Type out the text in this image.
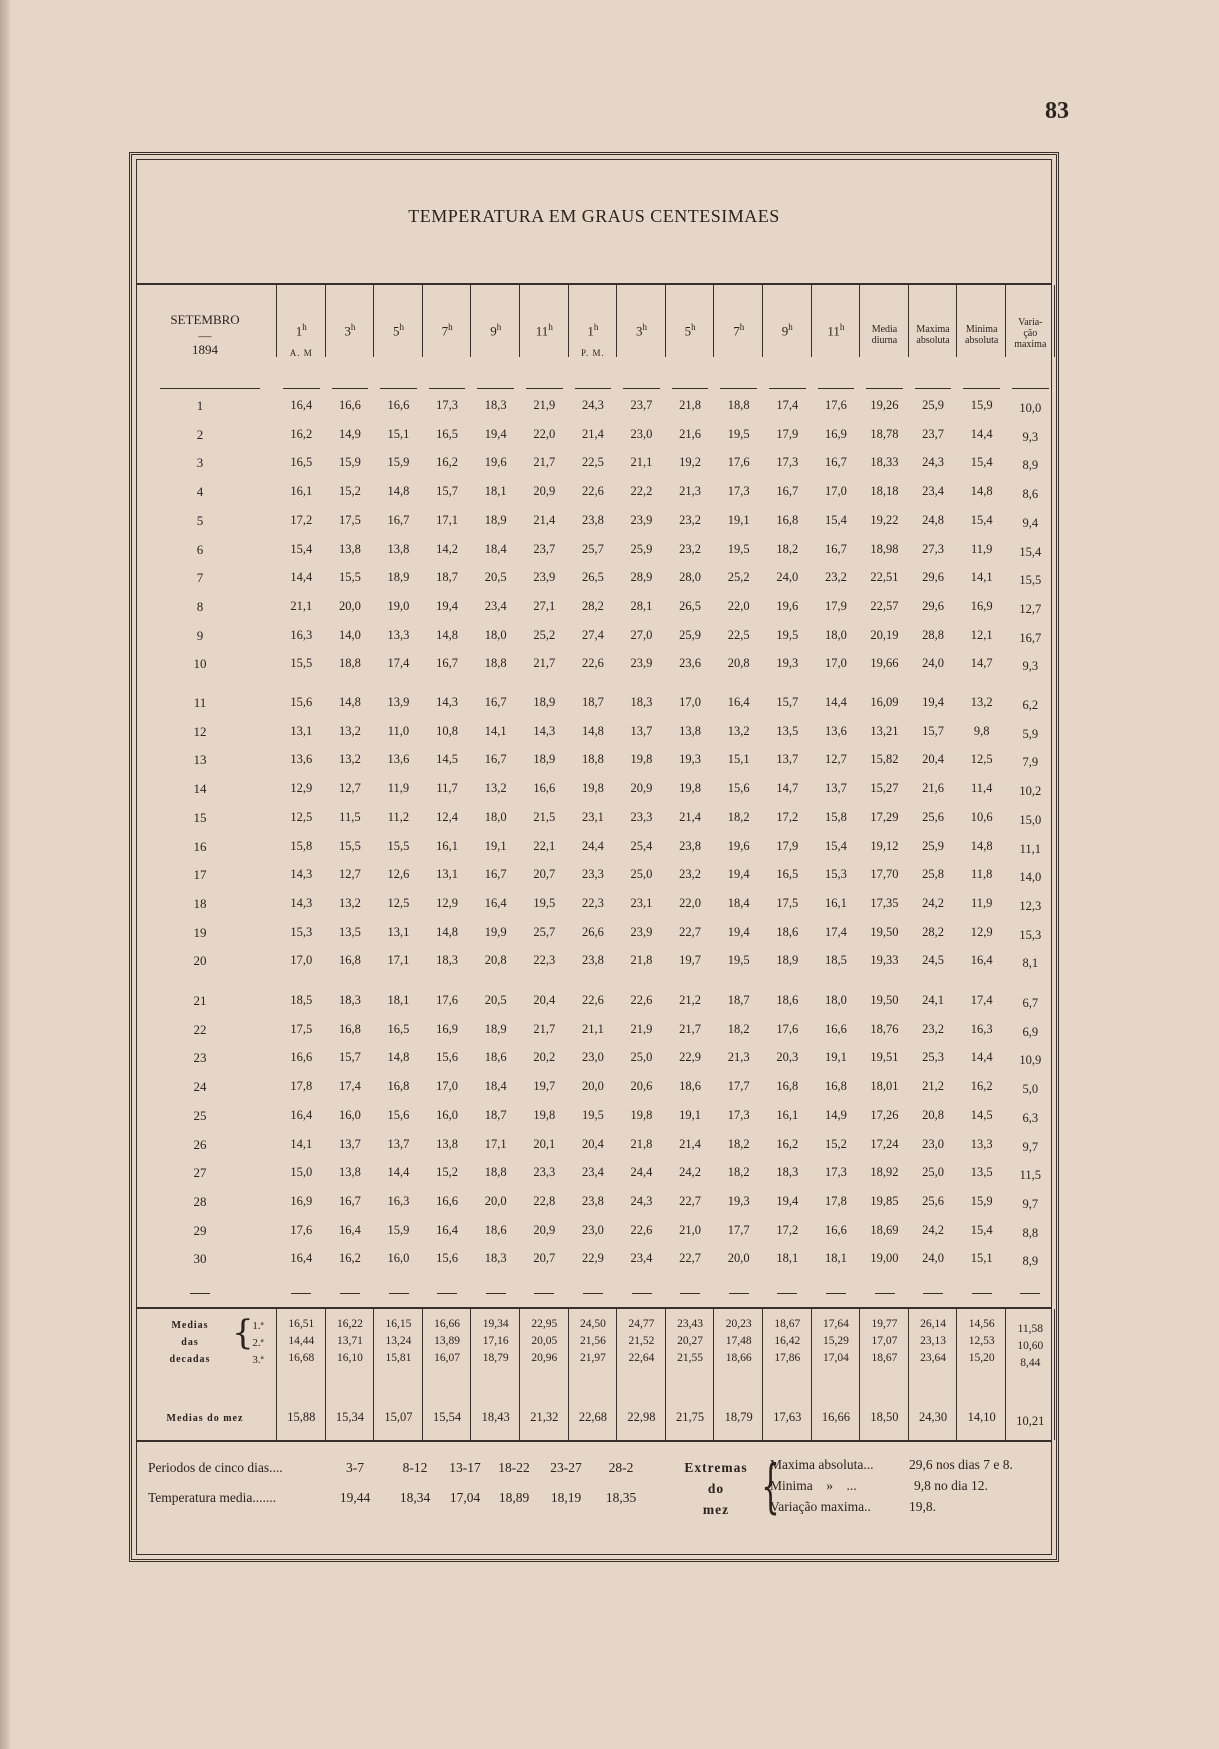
83
TEMPERATURA EM GRAUS CENTESIMAES
SETEMBRO
—
1894
1$^h$
A. M
3$^h$	5$^h$	7$^h$	9$^h$	11$^h$	1$^h$
P. M.
3$^h$	5$^h$	7$^h$	9$^h$	11$^h$	Media
diurna
Maxima
absoluta
Minima
absoluta
Varia-
ção
maxima
1	16,4	16,6	16,6	17,3	18,3	21,9	24,3	23,7	21,8	18,8	17,4	17,6	19,26	25,9	15,9	10,0
2	16,2	14,9	15,1	16,5	19,4	22,0	21,4	23,0	21,6	19,5	17,9	16,9	18,78	23,7	14,4	9,3
3	16,5	15,9	15,9	16,2	19,6	21,7	22,5	21,1	19,2	17,6	17,3	16,7	18,33	24,3	15,4	8,9
4	16,1	15,2	14,8	15,7	18,1	20,9	22,6	22,2	21,3	17,3	16,7	17,0	18,18	23,4	14,8	8,6
5	17,2	17,5	16,7	17,1	18,9	21,4	23,8	23,9	23,2	19,1	16,8	15,4	19,22	24,8	15,4	9,4
6	15,4	13,8	13,8	14,2	18,4	23,7	25,7	25,9	23,2	19,5	18,2	16,7	18,98	27,3	11,9	15,4
7	14,4	15,5	18,9	18,7	20,5	23,9	26,5	28,9	28,0	25,2	24,0	23,2	22,51	29,6	14,1	15,5
8	21,1	20,0	19,0	19,4	23,4	27,1	28,2	28,1	26,5	22,0	19,6	17,9	22,57	29,6	16,9	12,7
9	16,3	14,0	13,3	14,8	18,0	25,2	27,4	27,0	25,9	22,5	19,5	18,0	20,19	28,8	12,1	16,7
10	15,5	18,8	17,4	16,7	18,8	21,7	22,6	23,9	23,6	20,8	19,3	17,0	19,66	24,0	14,7	9,3
11	15,6	14,8	13,9	14,3	16,7	18,9	18,7	18,3	17,0	16,4	15,7	14,4	16,09	19,4	13,2	6,2
12	13,1	13,2	11,0	10,8	14,1	14,3	14,8	13,7	13,8	13,2	13,5	13,6	13,21	15,7	9,8	5,9
13	13,6	13,2	13,6	14,5	16,7	18,9	18,8	19,8	19,3	15,1	13,7	12,7	15,82	20,4	12,5	7,9
14	12,9	12,7	11,9	11,7	13,2	16,6	19,8	20,9	19,8	15,6	14,7	13,7	15,27	21,6	11,4	10,2
15	12,5	11,5	11,2	12,4	18,0	21,5	23,1	23,3	21,4	18,2	17,2	15,8	17,29	25,6	10,6	15,0
16	15,8	15,5	15,5	16,1	19,1	22,1	24,4	25,4	23,8	19,6	17,9	15,4	19,12	25,9	14,8	11,1
17	14,3	12,7	12,6	13,1	16,7	20,7	23,3	25,0	23,2	19,4	16,5	15,3	17,70	25,8	11,8	14,0
18	14,3	13,2	12,5	12,9	16,4	19,5	22,3	23,1	22,0	18,4	17,5	16,1	17,35	24,2	11,9	12,3
19	15,3	13,5	13,1	14,8	19,9	25,7	26,6	23,9	22,7	19,4	18,6	17,4	19,50	28,2	12,9	15,3
20	17,0	16,8	17,1	18,3	20,8	22,3	23,8	21,8	19,7	19,5	18,9	18,5	19,33	24,5	16,4	8,1
21	18,5	18,3	18,1	17,6	20,5	20,4	22,6	22,6	21,2	18,7	18,6	18,0	19,50	24,1	17,4	6,7
22	17,5	16,8	16,5	16,9	18,9	21,7	21,1	21,9	21,7	18,2	17,6	16,6	18,76	23,2	16,3	6,9
23	16,6	15,7	14,8	15,6	18,6	20,2	23,0	25,0	22,9	21,3	20,3	19,1	19,51	25,3	14,4	10,9
24	17,8	17,4	16,8	17,0	18,4	19,7	20,0	20,6	18,6	17,7	16,8	16,8	18,01	21,2	16,2	5,0
25	16,4	16,0	15,6	16,0	18,7	19,8	19,5	19,8	19,1	17,3	16,1	14,9	17,26	20,8	14,5	6,3
26	14,1	13,7	13,7	13,8	17,1	20,1	20,4	21,8	21,4	18,2	16,2	15,2	17,24	23,0	13,3	9,7
27	15,0	13,8	14,4	15,2	18,8	23,3	23,4	24,4	24,2	18,2	18,3	17,3	18,92	25,0	13,5	11,5
28	16,9	16,7	16,3	16,6	20,0	22,8	23,8	24,3	22,7	19,3	19,4	17,8	19,85	25,6	15,9	9,7
29	17,6	16,4	15,9	16,4	18,6	20,9	23,0	22,6	21,0	17,7	17,2	16,6	18,69	24,2	15,4	8,8
30	16,4	16,2	16,0	15,6	18,3	20,7	22,9	23,4	22,7	20,0	18,1	18,1	19,00	24,0	15,1	8,9
Medias
das
decadas
{
1.ª
2.ª
3.ª
16,51	16,22	16,15	16,66	19,34	22,95	24,50	24,77	23,43	20,23	18,67	17,64	19,77	26,14	14,56	11,58
14,44	13,71	13,24	13,89	17,16	20,05	21,56	21,52	20,27	17,48	16,42	15,29	17,07	23,13	12,53	10,60
16,68	16,10	15,81	16,07	18,79	20,96	21,97	22,64	21,55	18,66	17,86	17,04	18,67	23,64	15,20	8,44
Medias do mez	15,88	15,34	15,07	15,54	18,43	21,32	22,68	22,98	21,75	18,79	17,63	16,66	18,50	24,30	14,10	10,21
Periodos de cinco dias....
Temperatura media.......
3-7	8-12	13-17	18-22	23-27	28-2
19,44	18,34	17,04	18,89	18,19	18,35
Extremas
do
mez {
Maxima absoluta...	29,6 nos dias 7 e 8.
Minima    »    ...	9,8 no dia 12.
Variação maxima..	19,8.
